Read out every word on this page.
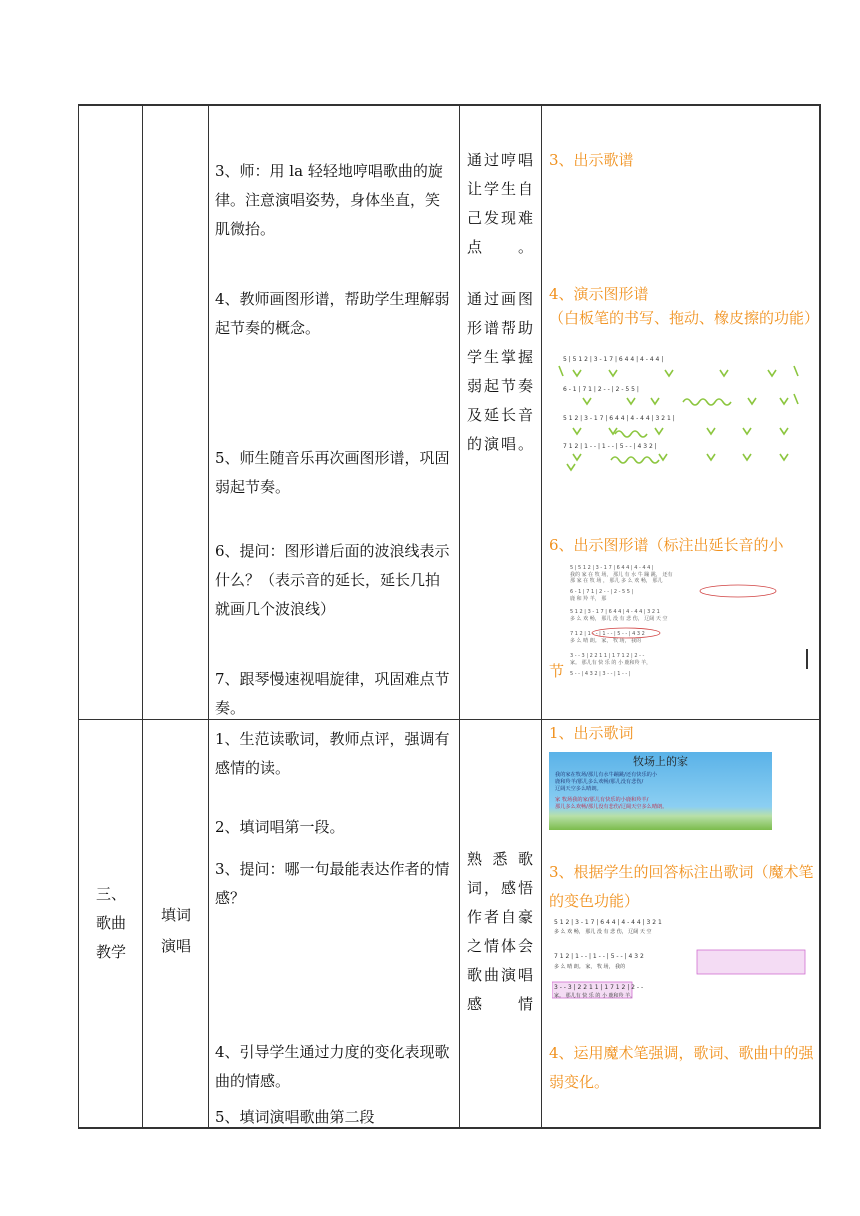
3、师：用 la 轻轻地哼唱歌曲的旋律。注意演唱姿势，身体坐直，笑肌微抬。
4、教师画图形谱，帮助学生理解弱起节奏的概念。
5、师生随音乐再次画图形谱，巩固弱起节奏。
6、提问：图形谱后面的波浪线表示什么？（表示音的延长，延长几拍就画几个波浪线）
7、跟琴慢速视唱旋律，巩固难点节奏。
通过哼唱让学生自己发现难点。
通过画图形谱帮助学生掌握弱起节奏及延长音的演唱。
3、出示歌谱
4、演示图形谱
（白板笔的书写、拖动、橡皮擦的功能）
5 | 5 1 2 | 3 - 1 7 | 6 4 4 | 4 - 4 4 |
6 - 1 | 7 1 | 2 - - | 2 - 5 5 |
5 1 2 | 3 - 1 7 | 6 4 4 | 4 - 4 4 | 3 2 1 |
7 1 2 | 1 - - | 1 - - | 5 - - | 4 3 2 |
6、出示图形谱（标注出延长音的小
5 | 5 1 2 | 3 - 1 7 | 6 4 4 | 4 - 4 4 |
我的 家 在 牧 场， 那儿 有 水 牛 蹦 跳， 还有
那 家 在 牧 场 ， 那儿 多 么 欢 畅， 那儿
6 - 1 | 7 1 | 2 - - | 2 - 5 5 |
鹿 和 羚 羊， 那
5 1 2 | 3 - 1 7 | 6 4 4 | 4 - 4 4 | 3 2 1
多 么 欢 畅， 那儿 没 有 悲 伤， 辽阔 天 空
7 1 2 | 1 - - | 1 - - | 5 - - | 4 3 2
多 么 晴 朗。 家， 牧 场， 我的
3 - - 3 | 2 2 1 1 | 1 7 1 2 | 2 - -
家。 那儿有 快 乐 的 小 鹿和羚 羊，
5 - - | 4 3 2 | 3 - - | 1 - - |
节
三、
歌曲
教学
填词
演唱
1、生范读歌词，教师点评，强调有感情的读。
2、填词唱第一段。
3、提问：哪一句最能表达作者的情感？
4、引导学生通过力度的变化表现歌曲的情感。
5、填词演唱歌曲第二段
熟悉歌词，感悟作者自豪之情体会歌曲演唱感情
1、出示歌词
牧场上的家
我的家在牧场/那儿有水牛蹦跳/还有快乐的小
鹿和羚羊/那儿多么欢畅/那儿没有悲伤/
辽阔天空多么晴朗。
家 牧场我的家/那儿有快乐的小鹿和羚羊/
那儿多么欢畅/那儿没有悲伤/辽阔天空多么晴朗。
3、根据学生的回答标注出歌词（魔术笔的变色功能）
5 1 2 | 3 - 1 7 | 6 4 4 | 4 - 4 4 | 3 2 1
多 么 欢 畅， 那儿 没 有 悲 伤， 辽阔 天 空
7 1 2 | 1 - - | 1 - - | 5 - - | 4 3 2
多 么 晴 朗。 家， 牧 场， 我的
3 - - 3 | 2 2 1 1 | 1 7 1 2 | 2 - -
家。 那儿有 快 乐 的 小 鹿和羚 羊，
4、运用魔术笔强调，歌词、歌曲中的强弱变化。
